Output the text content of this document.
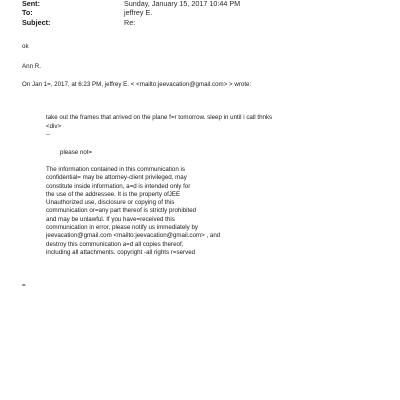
Sent:	Sunday, January 15, 2017 10:44 PM
To:	jeffrey E.
Subject:	Re:
ok
Ann R.
On Jan 1=, 2017, at 6:23 PM, jeffrey E. < <mailto:jeevacation@gmail.com> > wrote:
take out the frames that arrived on the plane f=r tomorrow. sleep in until i call thnks
<div>
--
please not=
The information contained in this communication is
confidential= may be attorney-client privileged, may
constitute inside information, a=d is intended only for
the use of the addressee. It is the property ofJEE
Unauthorized use, disclosure or copying of this
communication or=any part thereof is strictly prohibited
and may be unlawful. If you have=received this
communication in error, please notify us immediately by
jeevacation@gmail.com <mailto:jeevacation@gmail.com> , and
destroy this communication a=d all copies thereof,
including all attachments. copyright -all rights r=served
=
